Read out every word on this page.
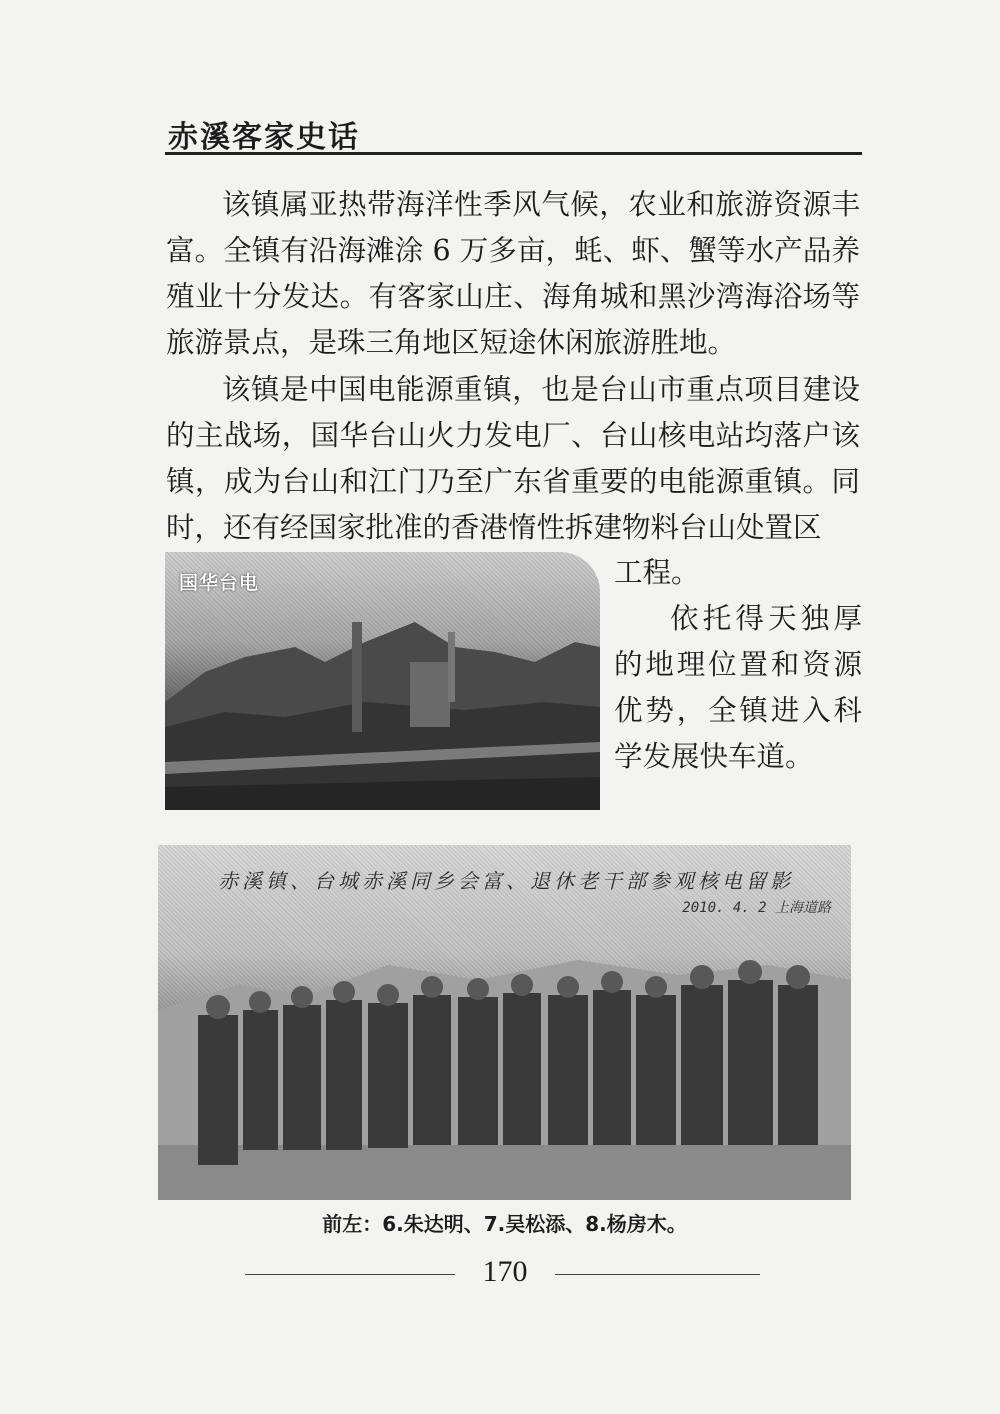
赤溪客家史话

该镇属亚热带海洋性季风气候，农业和旅游资源丰富。全镇有沿海滩涂 6 万多亩，蚝、虾、蟹等水产品养殖业十分发达。有客家山庄、海角城和黑沙湾海浴场等旅游景点，是珠三角地区短途休闲旅游胜地。

该镇是中国电能源重镇，也是台山市重点项目建设的主战场，国华台山火力发电厂、台山核电站均落户该镇，成为台山和江门乃至广东省重要的电能源重镇。同时，还有经国家批准的香港惰性拆建物料台山处置区

工程。

依托得天独厚的地理位置和资源优势，全镇进入科学发展快车道。

国华台电
赤溪镇、台城赤溪同乡会富、退休老干部参观核电留影
2010. 4. 2 上海道路
前左：6.朱达明、7.吴松添、8.杨房木。
170
